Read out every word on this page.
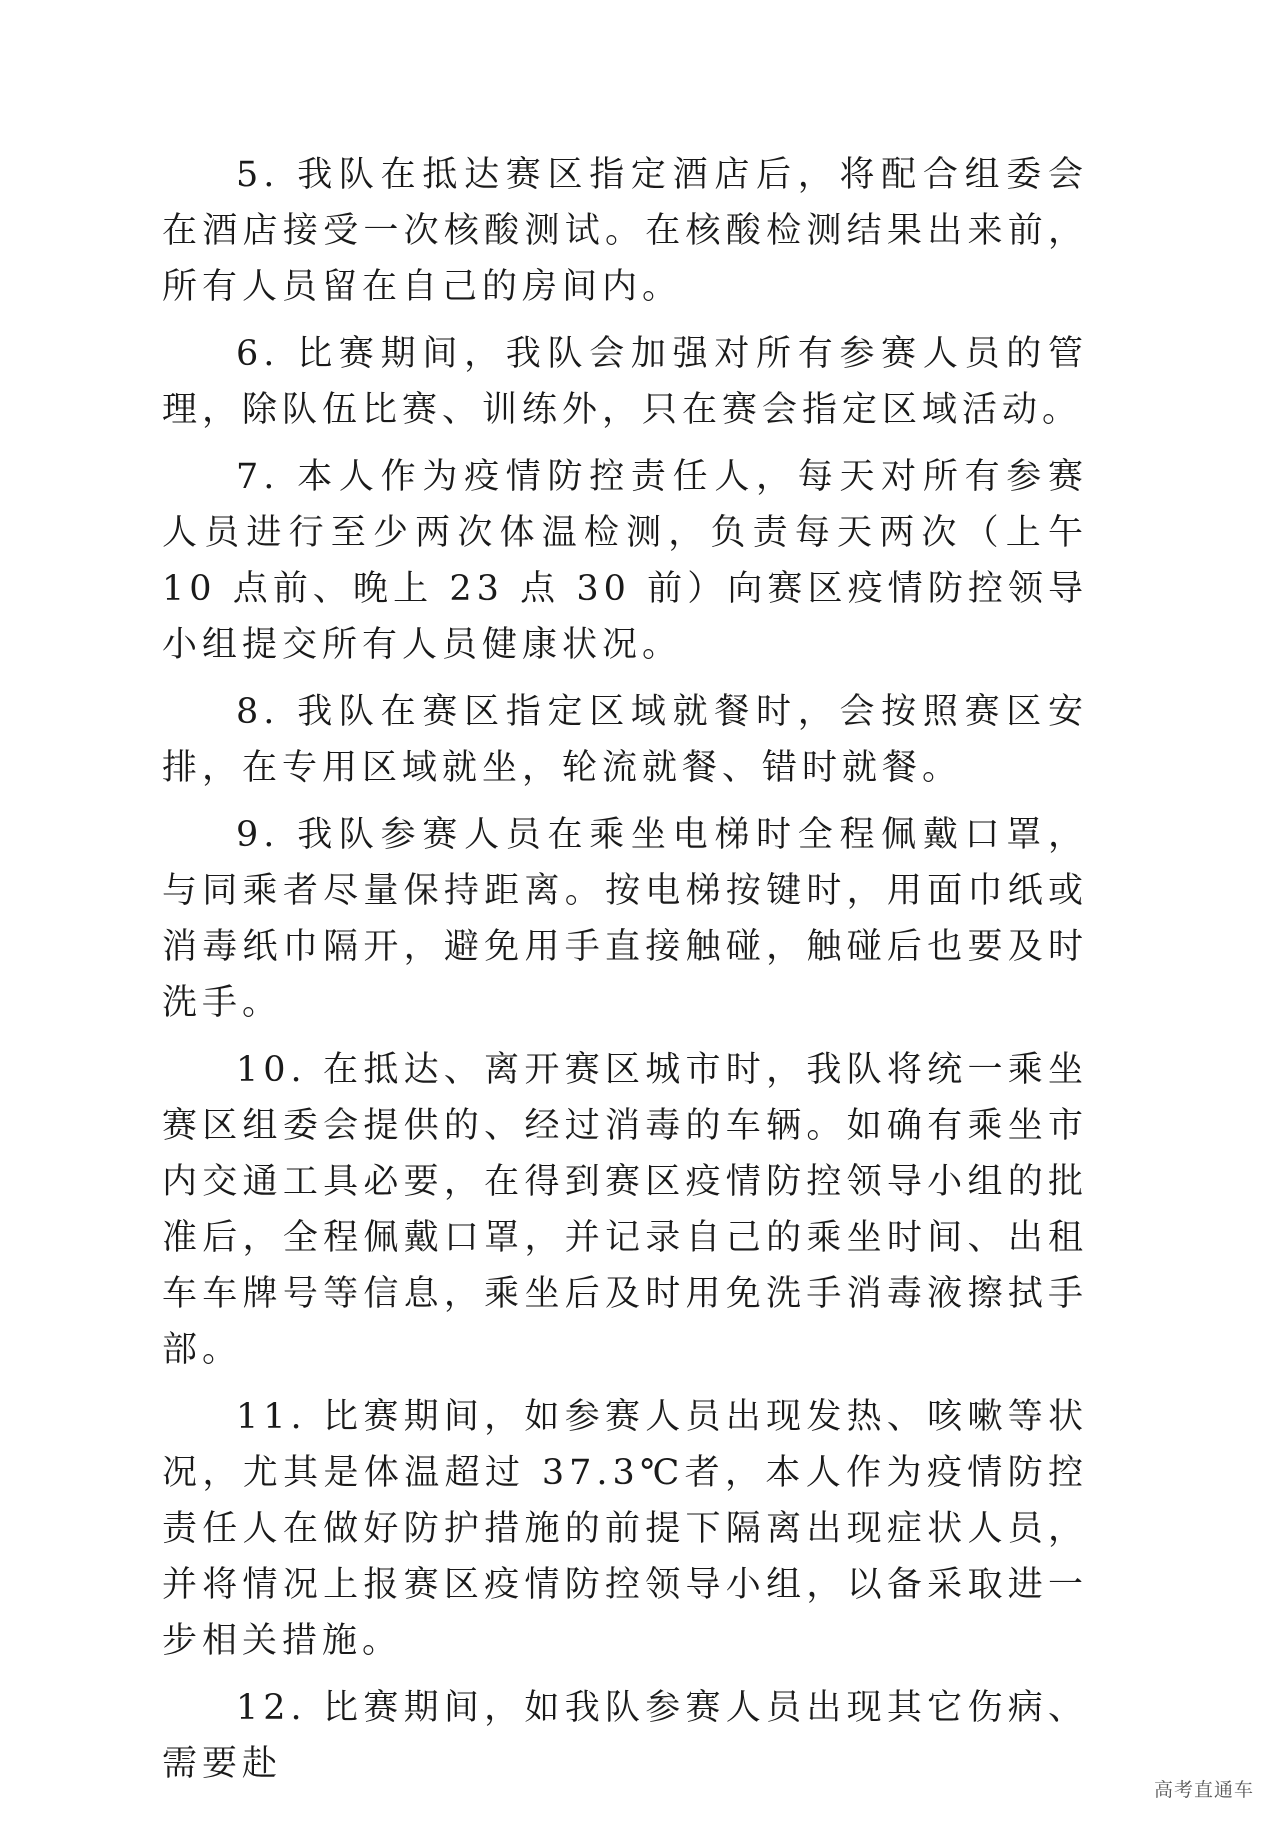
5. 我队在抵达赛区指定酒店后，将配合组委会在酒店接受一次核酸测试。在核酸检测结果出来前，所有人员留在自己的房间内。

6. 比赛期间，我队会加强对所有参赛人员的管理，除队伍比赛、训练外，只在赛会指定区域活动。

7. 本人作为疫情防控责任人，每天对所有参赛人员进行至少两次体温检测，负责每天两次（上午 10 点前、晚上 23 点 30 前）向赛区疫情防控领导小组提交所有人员健康状况。

8. 我队在赛区指定区域就餐时，会按照赛区安排，在专用区域就坐，轮流就餐、错时就餐。

9. 我队参赛人员在乘坐电梯时全程佩戴口罩，与同乘者尽量保持距离。按电梯按键时，用面巾纸或消毒纸巾隔开，避免用手直接触碰，触碰后也要及时洗手。

10. 在抵达、离开赛区城市时，我队将统一乘坐赛区组委会提供的、经过消毒的车辆。如确有乘坐市内交通工具必要，在得到赛区疫情防控领导小组的批准后，全程佩戴口罩，并记录自己的乘坐时间、出租车车牌号等信息，乘坐后及时用免洗手消毒液擦拭手部。

11. 比赛期间，如参赛人员出现发热、咳嗽等状况，尤其是体温超过 37.3℃者，本人作为疫情防控责任人在做好防护措施的前提下隔离出现症状人员，并将情况上报赛区疫情防控领导小组，以备采取进一步相关措施。

12. 比赛期间，如我队参赛人员出现其它伤病、需要赴

高考直通车
